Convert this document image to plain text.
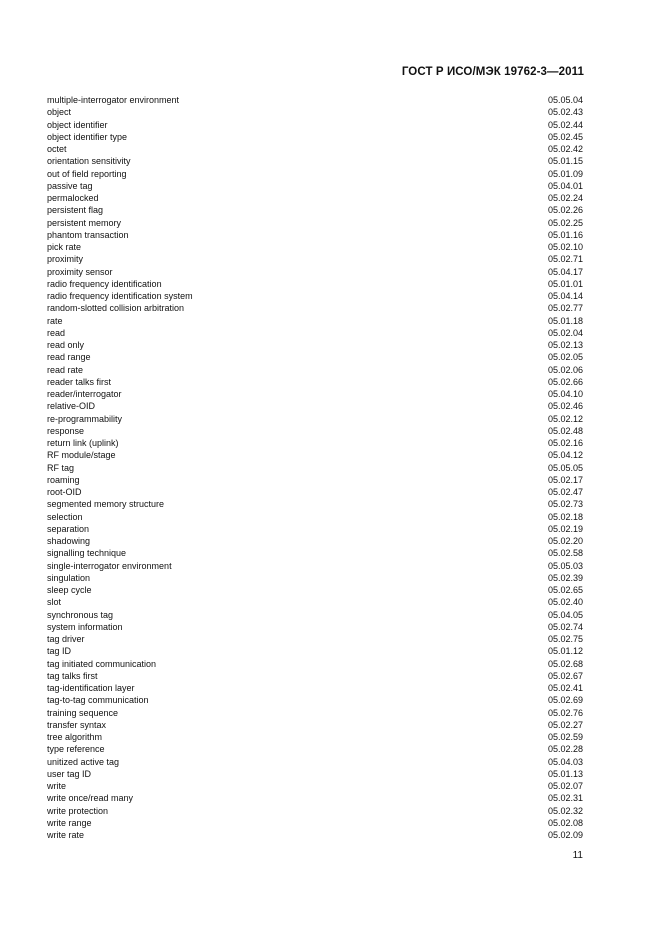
ГОСТ Р ИСО/МЭК 19762-3—2011
multiple-interrogator environment	05.05.04
object	05.02.43
object identifier	05.02.44
object identifier type	05.02.45
octet	05.02.42
orientation sensitivity	05.01.15
out of field reporting	05.01.09
passive tag	05.04.01
permalocked	05.02.24
persistent flag	05.02.26
persistent memory	05.02.25
phantom transaction	05.01.16
pick rate	05.02.10
proximity	05.02.71
proximity sensor	05.04.17
radio frequency identification	05.01.01
radio frequency identification system	05.04.14
random-slotted collision arbitration	05.02.77
rate	05.01.18
read	05.02.04
read only	05.02.13
read range	05.02.05
read rate	05.02.06
reader talks first	05.02.66
reader/interrogator	05.04.10
relative-OID	05.02.46
re-programmability	05.02.12
response	05.02.48
return link (uplink)	05.02.16
RF module/stage	05.04.12
RF tag	05.05.05
roaming	05.02.17
root-OID	05.02.47
segmented memory structure	05.02.73
selection	05.02.18
separation	05.02.19
shadowing	05.02.20
signalling technique	05.02.58
single-interrogator environment	05.05.03
singulation	05.02.39
sleep cycle	05.02.65
slot	05.02.40
synchronous tag	05.04.05
system information	05.02.74
tag driver	05.02.75
tag ID	05.01.12
tag initiated communication	05.02.68
tag talks first	05.02.67
tag-identification layer	05.02.41
tag-to-tag communication	05.02.69
training sequence	05.02.76
transfer syntax	05.02.27
tree algorithm	05.02.59
type reference	05.02.28
unitized active tag	05.04.03
user tag ID	05.01.13
write	05.02.07
write once/read many	05.02.31
write protection	05.02.32
write range	05.02.08
write rate	05.02.09
11
